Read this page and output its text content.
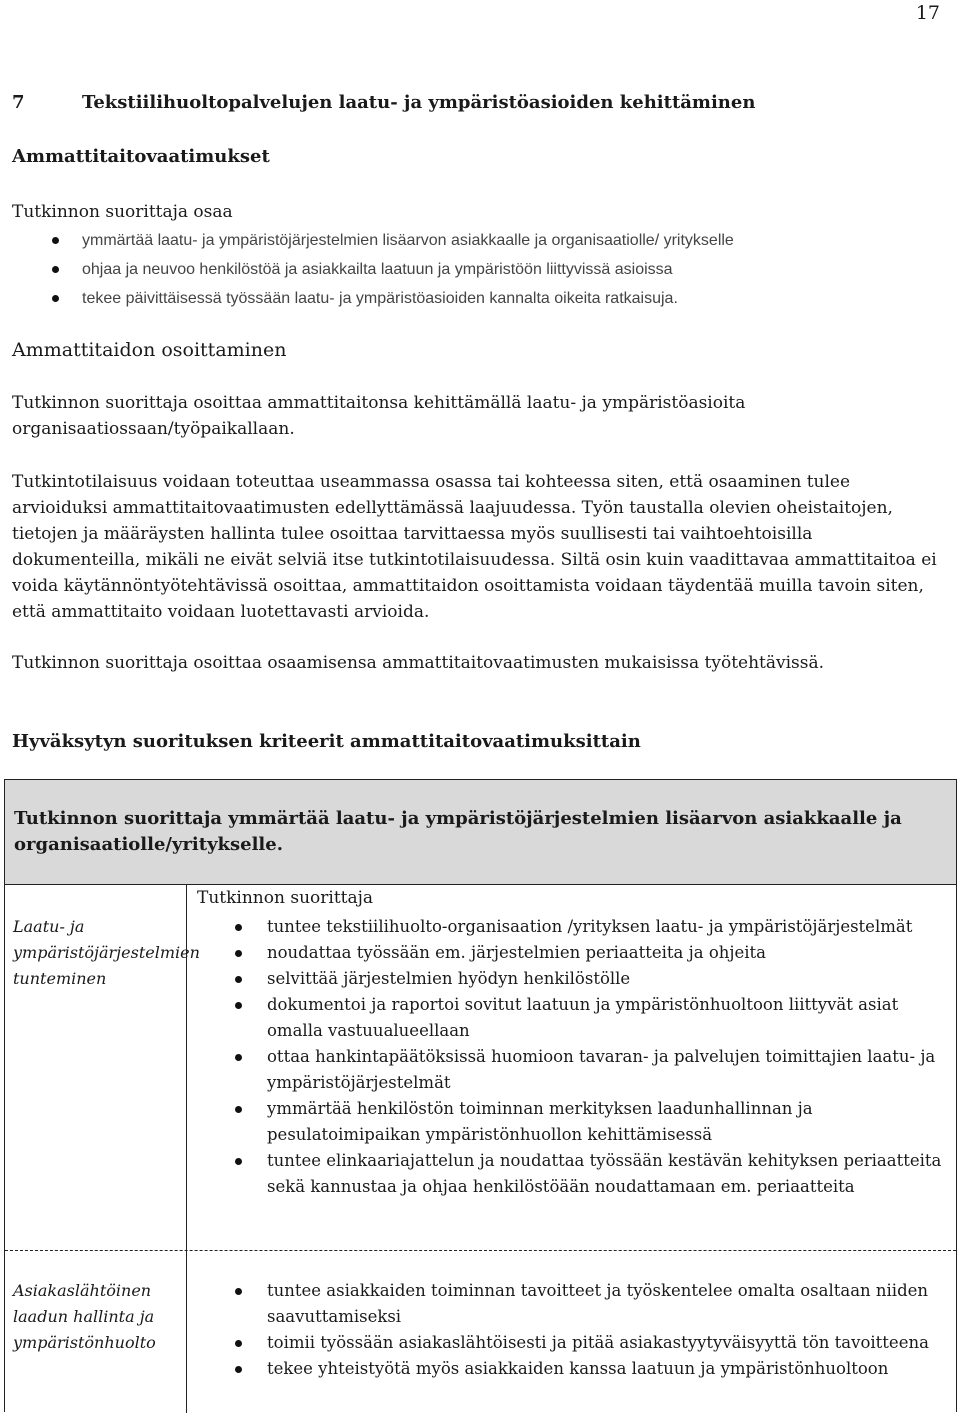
17
7	Tekstiilihuoltopalvelujen laatu- ja ympäristöasioiden kehittäminen
Ammattitaitovaatimukset
Tutkinnon suorittaja osaa
ymmärtää laatu- ja ympäristöjärjestelmien lisäarvon asiakkaalle ja organisaatiolle/ yritykselle
ohjaa ja neuvoo henkilöstöä ja asiakkailta laatuun ja ympäristöön liittyvissä asioissa
tekee päivittäisessä työssään laatu- ja ympäristöasioiden kannalta oikeita ratkaisuja.
Ammattitaidon osoittaminen
Tutkinnon suorittaja osoittaa ammattitaitonsa kehittämällä laatu- ja ympäristöasioita organisaatiossaan/työpaikallaan.
Tutkintotilaisuus voidaan toteuttaa useammassa osassa tai kohteessa siten, että osaaminen tulee arvioiduksi ammattitaitovaatimusten edellyttämässä laajuudessa. Työn taustalla olevien oheistaitojen, tietojen ja määräysten hallinta tulee osoittaa tarvittaessa myös suullisesti tai vaihtoehtoisilla dokumenteilla, mikäli ne eivät selviä itse tutkintotilaisuudessa. Siltä osin kuin vaadittavaa ammattitaitoa ei voida käytännöntyötehtävissä osoittaa, ammattitaidon osoittamista voidaan täydentää muilla tavoin siten, että ammattitaito voidaan luotettavasti arvioida.
Tutkinnon suorittaja osoittaa osaamisensa ammattitaitovaatimusten mukaisissa työtehtävissä.
Hyväksytyn suorituksen kriteerit ammattitaitovaatimuksittain
Tutkinnon suorittaja ymmärtää laatu- ja ympäristöjärjestelmien lisäarvon asiakkaalle ja organisaatiolle/yritykselle.
Laatu- ja ympäristöjärjestelmien tunteminen
Tutkinnon suorittaja
tuntee tekstiilihuolto-organisaation /yrityksen laatu- ja ympäristöjärjestelmät
noudattaa työssään em. järjestelmien periaatteita ja ohjeita
selvittää järjestelmien hyödyn henkilöstölle
dokumentoi ja raportoi sovitut laatuun ja ympäristönhuoltoon liittyvät asiat omalla vastuualueellaan
ottaa hankintapäätöksissä huomioon tavaran- ja palvelujen toimittajien laatu- ja ympäristöjärjestelmät
ymmärtää henkilöstön toiminnan merkityksen laadunhallinnan ja pesulatoimipaikan ympäristönhuollon kehittämisessä
tuntee elinkaariajattelun ja noudattaa työssään kestävän kehityksen periaatteita sekä kannustaa ja ohjaa henkilöstöään noudattamaan em. periaatteita
Asiakaslähtöinen laadun hallinta ja ympäristönhuolto
tuntee asiakkaiden toiminnan tavoitteet ja työskentelee omalta osaltaan niiden saavuttamiseksi
toimii työssään asiakaslähtöisesti ja pitää asiakastyytyväisyyttä tön tavoitteena
tekee yhteistyötä myös asiakkaiden kanssa laatuun ja ympäristönhuoltoon
